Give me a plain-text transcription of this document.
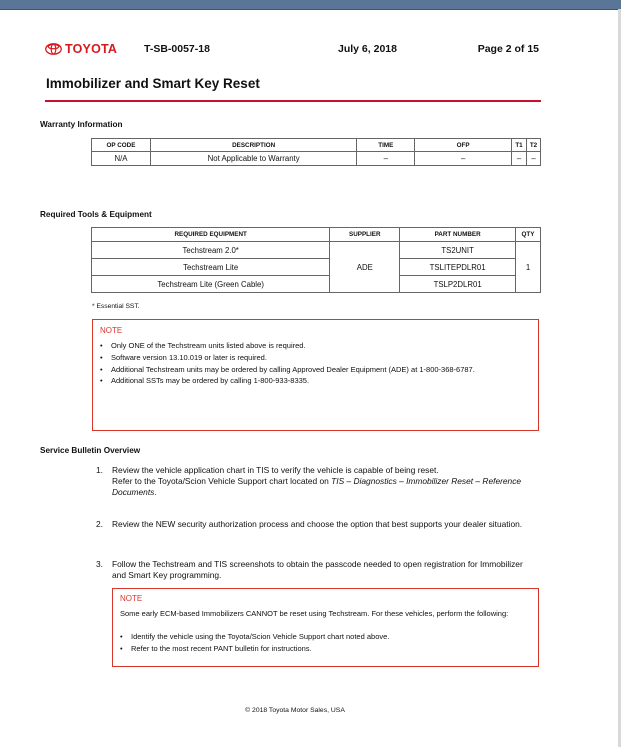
TOYOTA	T-SB-0057-18	July 6, 2018	Page 2 of 15
Immobilizer and Smart Key Reset
Warranty Information
OP CODE	DESCRIPTION	TIME	OFP	T1	T2
N/A	Not Applicable to Warranty	–	–	–	–
Required Tools & Equipment
REQUIRED EQUIPMENT	SUPPLIER	PART NUMBER	QTY
Techstream 2.0*	ADE	TS2UNIT	1
Techstream Lite		TSLITEPDLR01	
Techstream Lite (Green Cable)		TSLP2DLR01	
* Essential SST.
NOTE
• Only ONE of the Techstream units listed above is required.
• Software version 13.10.019 or later is required.
• Additional Techstream units may be ordered by calling Approved Dealer Equipment (ADE) at 1-800-368-6787.
• Additional SSTs may be ordered by calling 1-800-933-8335.
Service Bulletin Overview
1. Review the vehicle application chart in TIS to verify the vehicle is capable of being reset.
Refer to the Toyota/Scion Vehicle Support chart located on TIS – Diagnostics – Immobilizer Reset – Reference Documents.
2. Review the NEW security authorization process and choose the option that best supports your dealer situation.
3. Follow the Techstream and TIS screenshots to obtain the passcode needed to open registration for Immobilizer and Smart Key programming.
NOTE
Some early ECM-based Immobilizers CANNOT be reset using Techstream. For these vehicles, perform the following:
• Identify the vehicle using the Toyota/Scion Vehicle Support chart noted above.
• Refer to the most recent PANT bulletin for instructions.
© 2018 Toyota Motor Sales, USA
